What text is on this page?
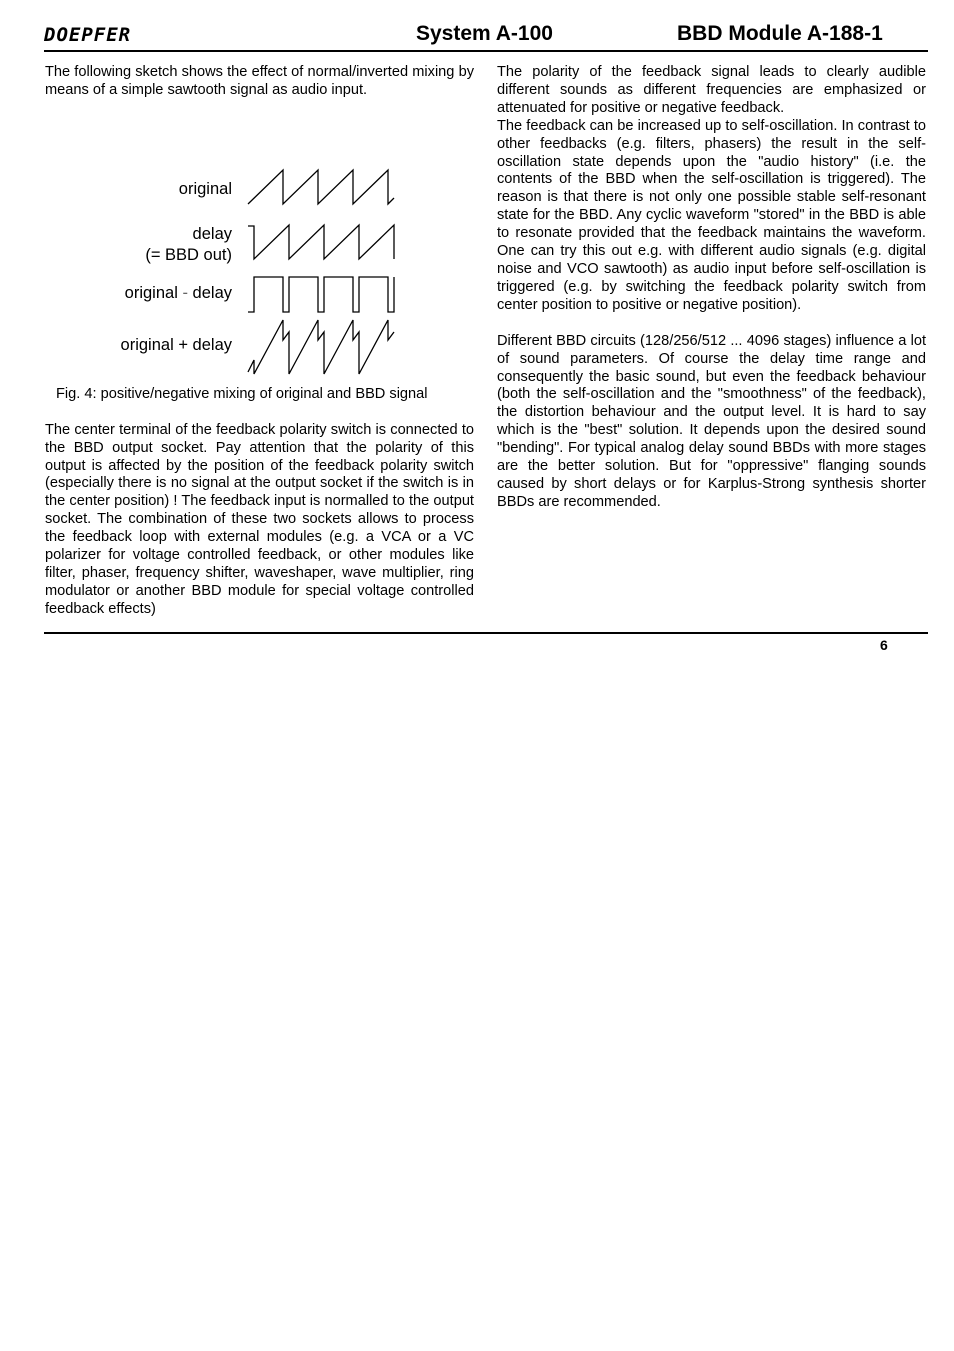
DOEPFER	System A-100	BBD Module A-188-1

The following sketch shows the effect of normal/inverted mixing by means of a simple sawtooth signal as audio input.

original
delay
(= BBD out)
original - delay
original + delay

Fig. 4: positive/negative mixing of original and BBD signal

The center terminal of the feedback polarity switch is connected to the BBD output socket. Pay attention that the polarity of this output is affected by the position of the feedback polarity switch (especially there is no signal at the output socket if the switch is in the center position) ! The feedback input is normalled to the output socket. The combination of these two sockets allows to process the feedback loop with external modules (e.g. a VCA or a VC polarizer for voltage controlled feedback, or other modules like filter, phaser, frequency shifter, waveshaper, wave multiplier, ring modulator or another BBD module for special voltage controlled feedback effects)

The polarity of the feedback signal leads to clearly audible different sounds as different frequencies are emphasized or attenuated for positive or negative feedback.

The feedback can be increased up to self-oscillation. In contrast to other feedbacks (e.g. filters, phasers) the result in the self-oscillation state depends upon the "audio history" (i.e. the contents of the BBD when the self-oscillation is triggered). The reason is that there is not only one possible stable self-resonant state for the BBD. Any cyclic waveform "stored" in the BBD is able to resonate provided that the feedback maintains the waveform. One can try this out e.g. with different audio signals (e.g. digital noise and VCO sawtooth) as audio input before self-oscillation is triggered (e.g. by switching the feedback polarity switch from center position to positive or negative position).

Different BBD circuits (128/256/512 ... 4096 stages) influence a lot of sound parameters. Of course the delay time range and consequently the basic sound, but even the feedback behaviour (both the self-oscillation and the "smoothness" of the feedback), the distortion behaviour and the output level. It is hard to say which is the "best" solution. It depends upon the desired sound "bending". For typical analog delay sound BBDs with more stages are the better solution. But for "oppressive" flanging sounds caused by short delays or for Karplus-Strong synthesis shorter BBDs are recommended.

6
